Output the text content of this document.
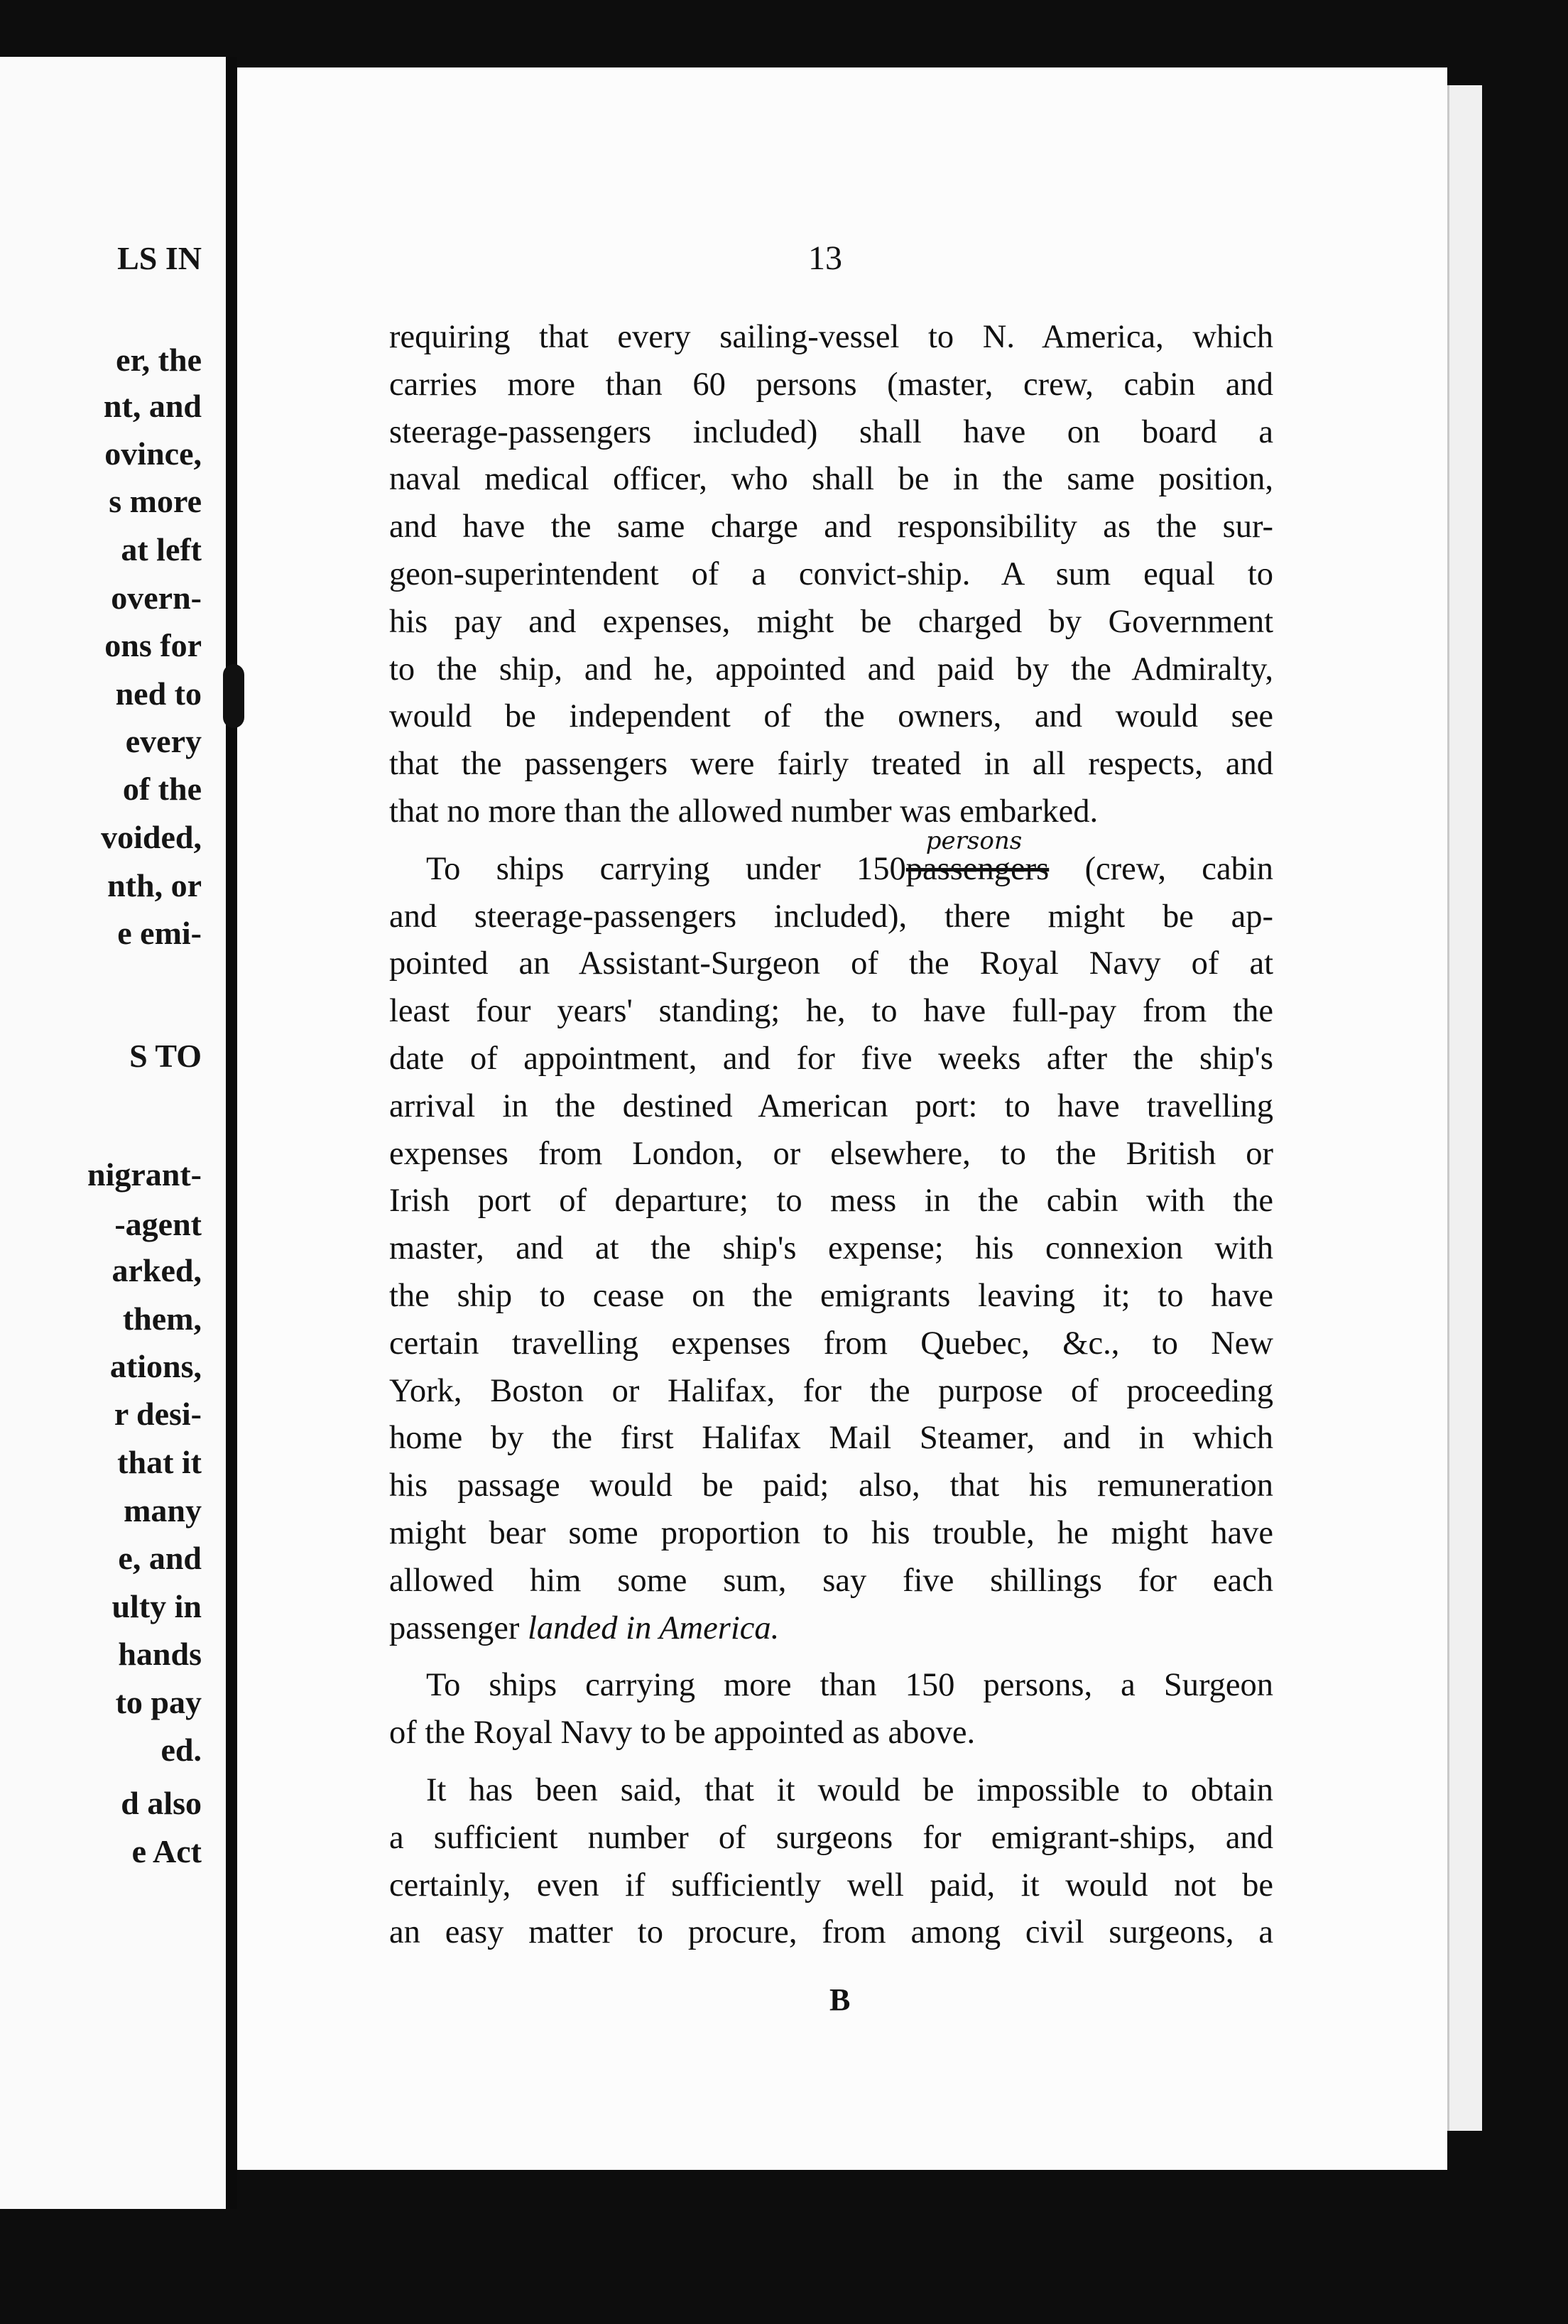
LS IN
er, the
nt, and
ovince,
s more
at left
overn-
ons for
ned to
every
of the
voided,
nth, or
e emi-
S TO
nigrant-
-agent
arked,
them,
ations,
r desi-
that it
many
e, and
ulty in
hands
to pay
ed.
d also
e Act
13
requiring that every sailing-vessel to N. America, which
carries more than 60 persons (master, crew, cabin and
steerage-passengers included) shall have on board a
naval medical officer, who shall be in the same position,
and have the same charge and responsibility as the sur-
geon-superintendent of a convict-ship. A sum equal to
his pay and expenses, might be charged by Government
to the ship, and he, appointed and paid by the Admiralty,
would be independent of the owners, and would see
that the passengers were fairly treated in all respects, and
that no more than the allowed number was embarked.
To ships carrying under 150
persons
passengers (crew, cabin
and steerage-passengers included), there might be ap-
pointed an Assistant-Surgeon of the Royal Navy of at
least four years' standing; he, to have full-pay from the
date of appointment, and for five weeks after the ship's
arrival in the destined American port: to have travelling
expenses from London, or elsewhere, to the British or
Irish port of departure; to mess in the cabin with the
master, and at the ship's expense; his connexion with
the ship to cease on the emigrants leaving it; to have
certain travelling expenses from Quebec, &c., to New
York, Boston or Halifax, for the purpose of proceeding
home by the first Halifax Mail Steamer, and in which
his passage would be paid; also, that his remuneration
might bear some proportion to his trouble, he might have
allowed him some sum, say five shillings for each
passenger landed in America.
To ships carrying more than 150 persons, a Surgeon
of the Royal Navy to be appointed as above.
It has been said, that it would be impossible to obtain
a sufficient number of surgeons for emigrant-ships, and
certainly, even if sufficiently well paid, it would not be
an easy matter to procure, from among civil surgeons, a
B
